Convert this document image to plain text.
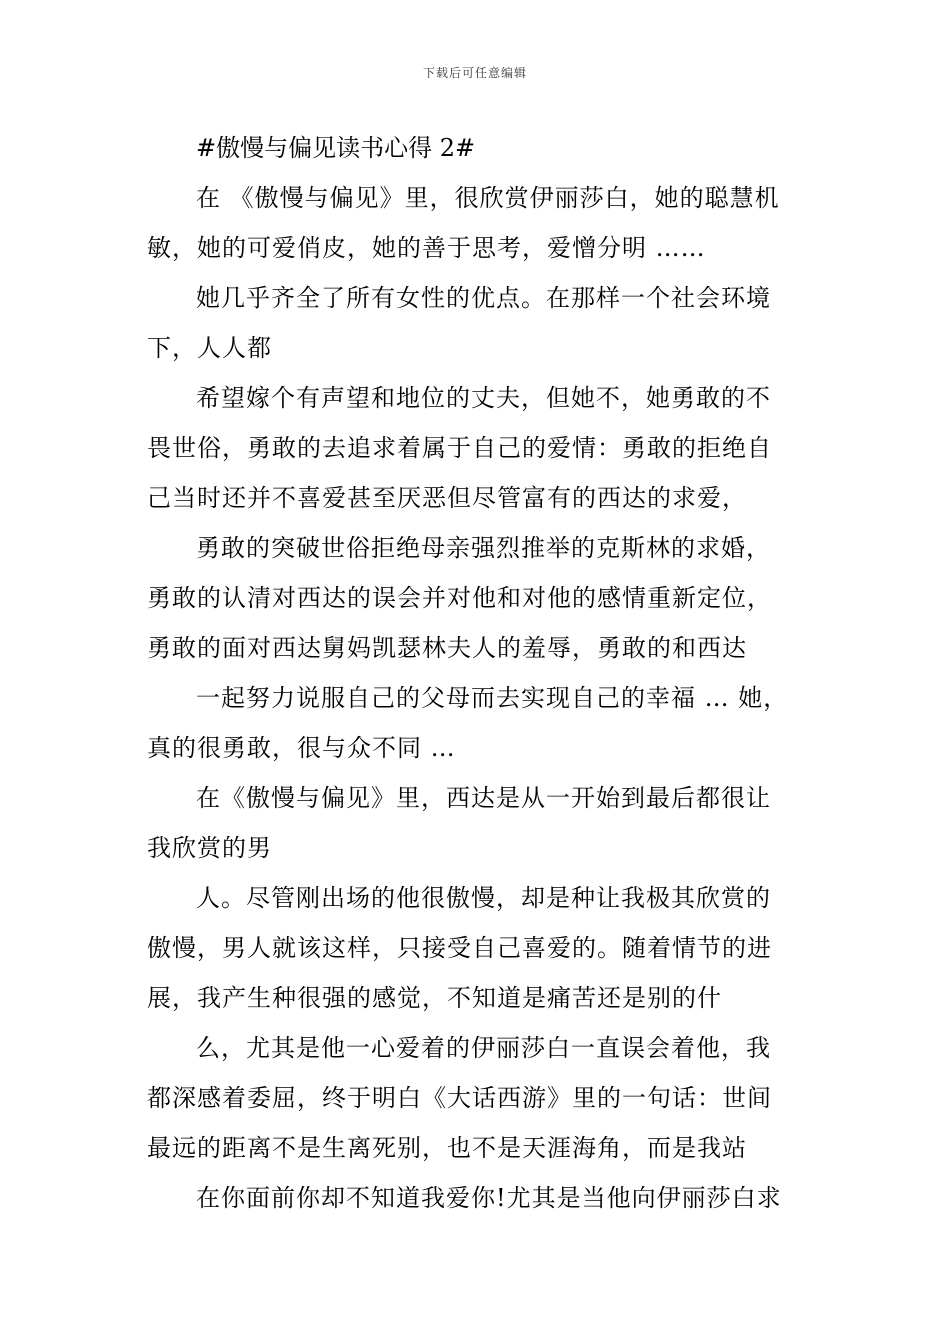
下载后可任意编辑
#傲慢与偏见读书心得 2#
在 《傲慢与偏见》里，很欣赏伊丽莎白，她的聪慧机
敏，她的可爱俏皮，她的善于思考，爱憎分明 ……
她几乎齐全了所有女性的优点。在那样一个社会环境
下，人人都
希望嫁个有声望和地位的丈夫，但她不，她勇敢的不
畏世俗，勇敢的去追求着属于自己的爱情：勇敢的拒绝自
己当时还并不喜爱甚至厌恶但尽管富有的西达的求爱，
勇敢的突破世俗拒绝母亲强烈推举的克斯林的求婚，
勇敢的认清对西达的误会并对他和对他的感情重新定位，
勇敢的面对西达舅妈凯瑟林夫人的羞辱，勇敢的和西达
一起努力说服自己的父母而去实现自己的幸福 … 她，
真的很勇敢，很与众不同 …
在《傲慢与偏见》里，西达是从一开始到最后都很让
我欣赏的男
人。尽管刚出场的他很傲慢，却是种让我极其欣赏的
傲慢，男人就该这样，只接受自己喜爱的。随着情节的进
展，我产生种很强的感觉，不知道是痛苦还是别的什
么，尤其是他一心爱着的伊丽莎白一直误会着他，我
都深感着委屈，终于明白《大话西游》里的一句话：世间
最远的距离不是生离死别，也不是天涯海角，而是我站
在你面前你却不知道我爱你!尤其是当他向伊丽莎白求
